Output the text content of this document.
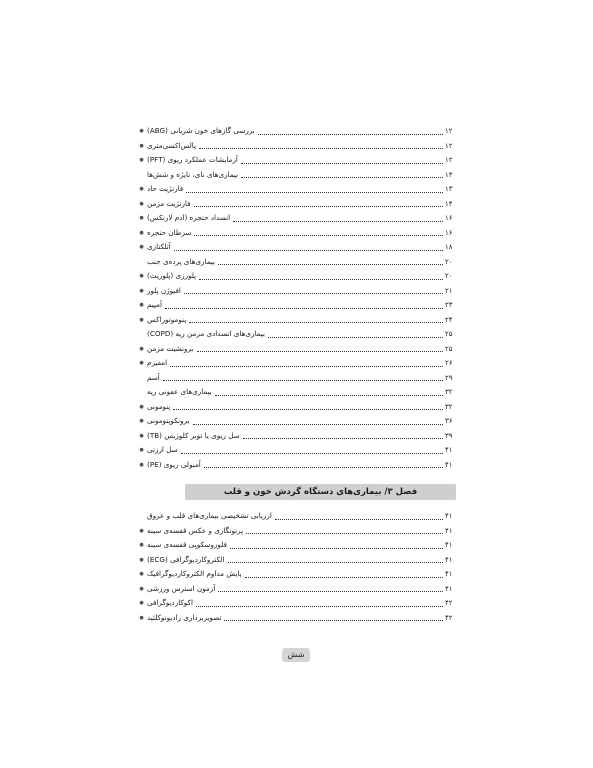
● بررسی گازهای خون شریانی (ABG)	۱۲
● پالس‌اکسی‌متری	۱۲
● آزمایشات عملکرد ریوی (PFT)	۱۲
بیماری‌های نای، نایژه و شش‌ها	۱۳
● فارنژیت حاد	۱۳
● فارنژیت مزمن	۱۴
● انسداد حنجره (ادم لارنکس)	۱۶
● سرطان حنجره	۱۶
● آتلکتازی	۱۸
بیماری‌های پرده‌ی جنب	۲۰
● پلورزی (پلوریت)	۲۰
● افیوژن پلور	۲۱
● آمپیم	۲۳
● پنوموتوراکس	۲۴
بیماری‌های انسدادی مزمن ریه (COPD)	۲۵
● برونشیت مزمن	۲۵
● امفیزم	۲۶
آسم	۲۹
بیماری‌های عفونی ریه	۳۲
● پنومونی	۳۲
● برونکوپنومونی	۳۶
● سل ریوی یا توبر کلوزیس (TB)	۳۹
● سل ارزنی	۴۱
● آمبولی ریوی (PE)	۴۱
فصل ۳/ بیماری‌های دستگاه گردش خون و قلب
ارزیابی تشخیصی بیماری‌های قلب و عروق	۴۱
● پرتونگاری و عکس قفسه‌ی سینه	۴۱
● فلوروسکوپی قفسه‌ی سینه	۴۱
● الکتروکاردیوگرافی (ECG)	۴۱
● پایش مداوم الکتروکاردیوگرافیک	۴۱
● آزمون استرس ورزشی	۴۱
● اکوکاردیوگرافی	۴۲
● تصویربرداری رادیونوکلئید	۴۲
شش
